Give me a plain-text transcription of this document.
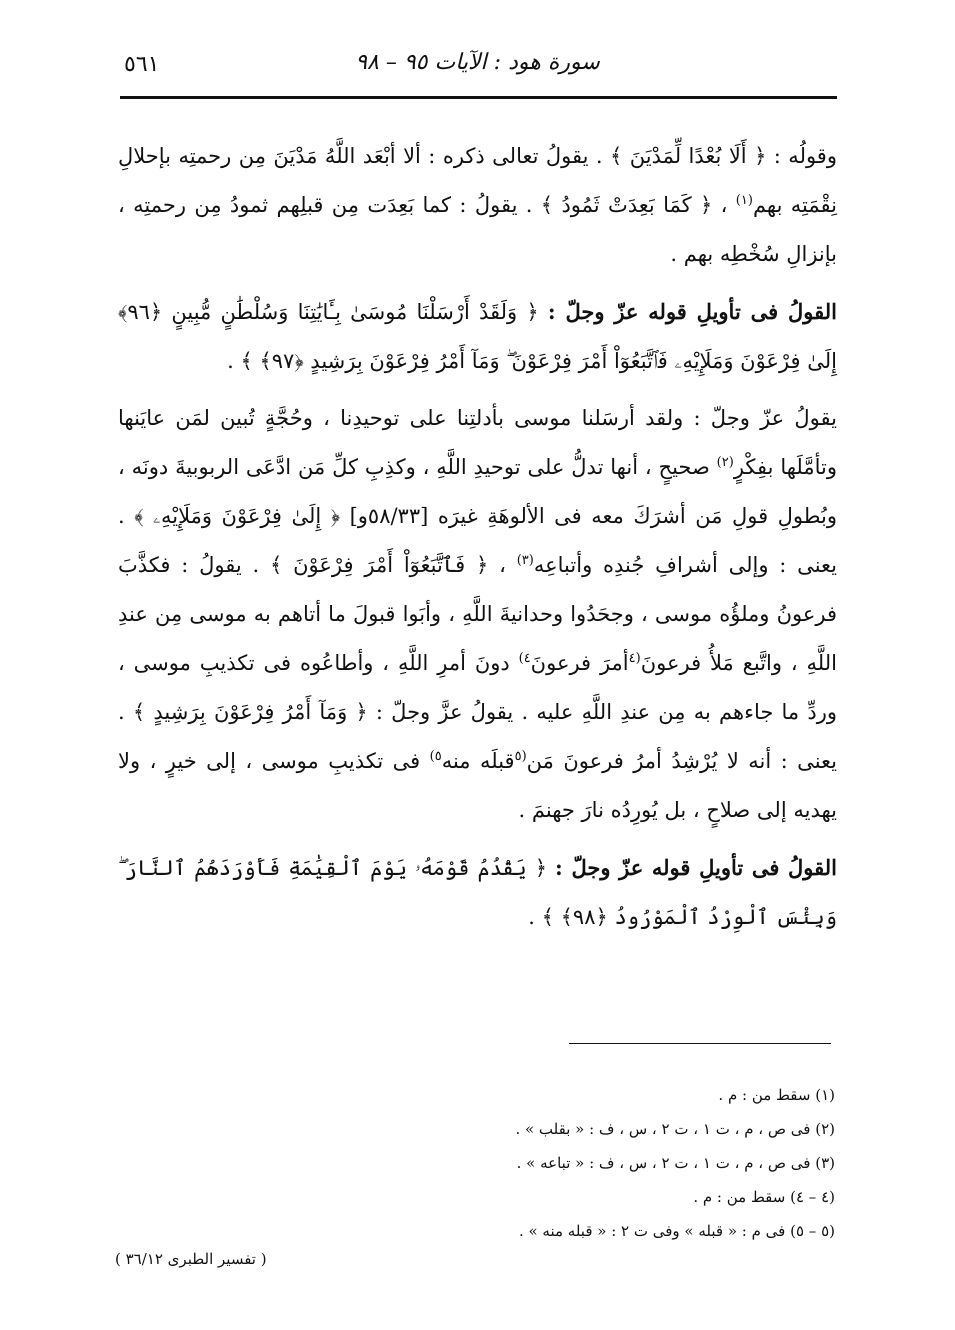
٥٦١	سورة هود : الآيات ٩٥ – ٩٨

وقولُه : ﴿ أَلَا بُعْدًا لِّمَدْيَنَ ﴾ . يقولُ تعالى ذكره : ألا أبْعَد اللَّهُ مَدْيَنَ مِن رحمتِه بإحلالِ نِقْمَتِه بهم$^{(١)}$ ، ﴿ كَمَا بَعِدَتْ ثَمُودُ ﴾ . يقولُ : كما بَعِدَت مِن قبلِهم ثمودُ مِن رحمتِه ، بإنزالِ سُخْطِه بهم .

القولُ فى تأويلِ قوله عزّ وجلّ : ﴿ وَلَقَدْ أَرْسَلْنَا مُوسَىٰ بِـَٔايَٰتِنَا وَسُلْطَٰنٍ مُّبِينٍ ﴿٩٦﴾ إِلَىٰ فِرْعَوْنَ وَمَلَإِيْهِۦ فَٱتَّبَعُوٓاْ أَمْرَ فِرْعَوْنَ ۖ وَمَآ أَمْرُ فِرْعَوْنَ بِرَشِيدٍ ﴿٩٧﴾ ﴾ .

يقولُ عزّ وجلّ : ولقد أرسَلنا موسى بأدلتِنا على توحيدِنا ، وحُجَّةٍ تُبين لمَن عايَنها وتأمَّلَها بفِكْرٍ$^{(٢)}$ صحيحٍ ، أنها تدلُّ على توحيدِ اللَّهِ ، وكذِبِ كلِّ مَن ادَّعَى الربوبيةَ دونَه ، وبُطولِ قولِ مَن أشرَكَ معه فى الألوهَةِ غيرَه [٥٨/٣٣و] ﴿ إِلَىٰ فِرْعَوْنَ وَمَلَإِيْهِۦ ﴾ . يعنى : وإلى أشرافِ جُندِه وأتباعِه$^{(٣)}$ ، ﴿ فَٱتَّبَعُوٓاْ أَمْرَ فِرْعَوْنَ ﴾ . يقولُ : فكذَّبَ فرعونُ وملؤُه موسى ، وجحَدُوا وحدانيةَ اللَّهِ ، وأبَوا قبولَ ما أتاهم به موسى مِن عندِ اللَّهِ ، واتَّبع مَلأُ فرعونَ$^{(٤}$أمرَ فرعونَ$^{٤)}$ دونَ أمرِ اللَّهِ ، وأطاعُوه فى تكذيبِ موسى ، وردِّ ما جاءهم به مِن عندِ اللَّهِ عليه . يقولُ عزَّ وجلّ : ﴿ وَمَآ أَمْرُ فِرْعَوْنَ بِرَشِيدٍ ﴾ . يعنى : أنه لا يُرْشِدُ أمرُ فرعونَ مَن$^{(٥}$قبلَه منه$^{٥)}$ فى تكذيبِ موسى ، إلى خيرٍ ، ولا يهديه إلى صلاحٍ ، بل يُورِدُه نارَ جهنمَ .

القولُ فى تأويلِ قوله عزّ وجلّ : ﴿ يَقْدُمُ قَوْمَهُۥ يَوْمَ ٱلْقِيَٰمَةِ فَأَوْرَدَهُمُ ٱلنَّارَ ۖ وَبِئْسَ ٱلْوِرْدُ ٱلْمَوْرُودُ ﴿٩٨﴾ ﴾ .

(١) سقط من : م .

(٢) فى ص ، م ، ت ١ ، ت ٢ ، س ، ف : « بقلب » .

(٣) فى ص ، م ، ت ١ ، ت ٢ ، س ، ف : « تباعه » .

(٤ – ٤) سقط من : م .

(٥ – ٥) فى م : « قبله » وفى ت ٢ : « قبله منه » .

( تفسير الطبرى ٣٦/١٢ )
